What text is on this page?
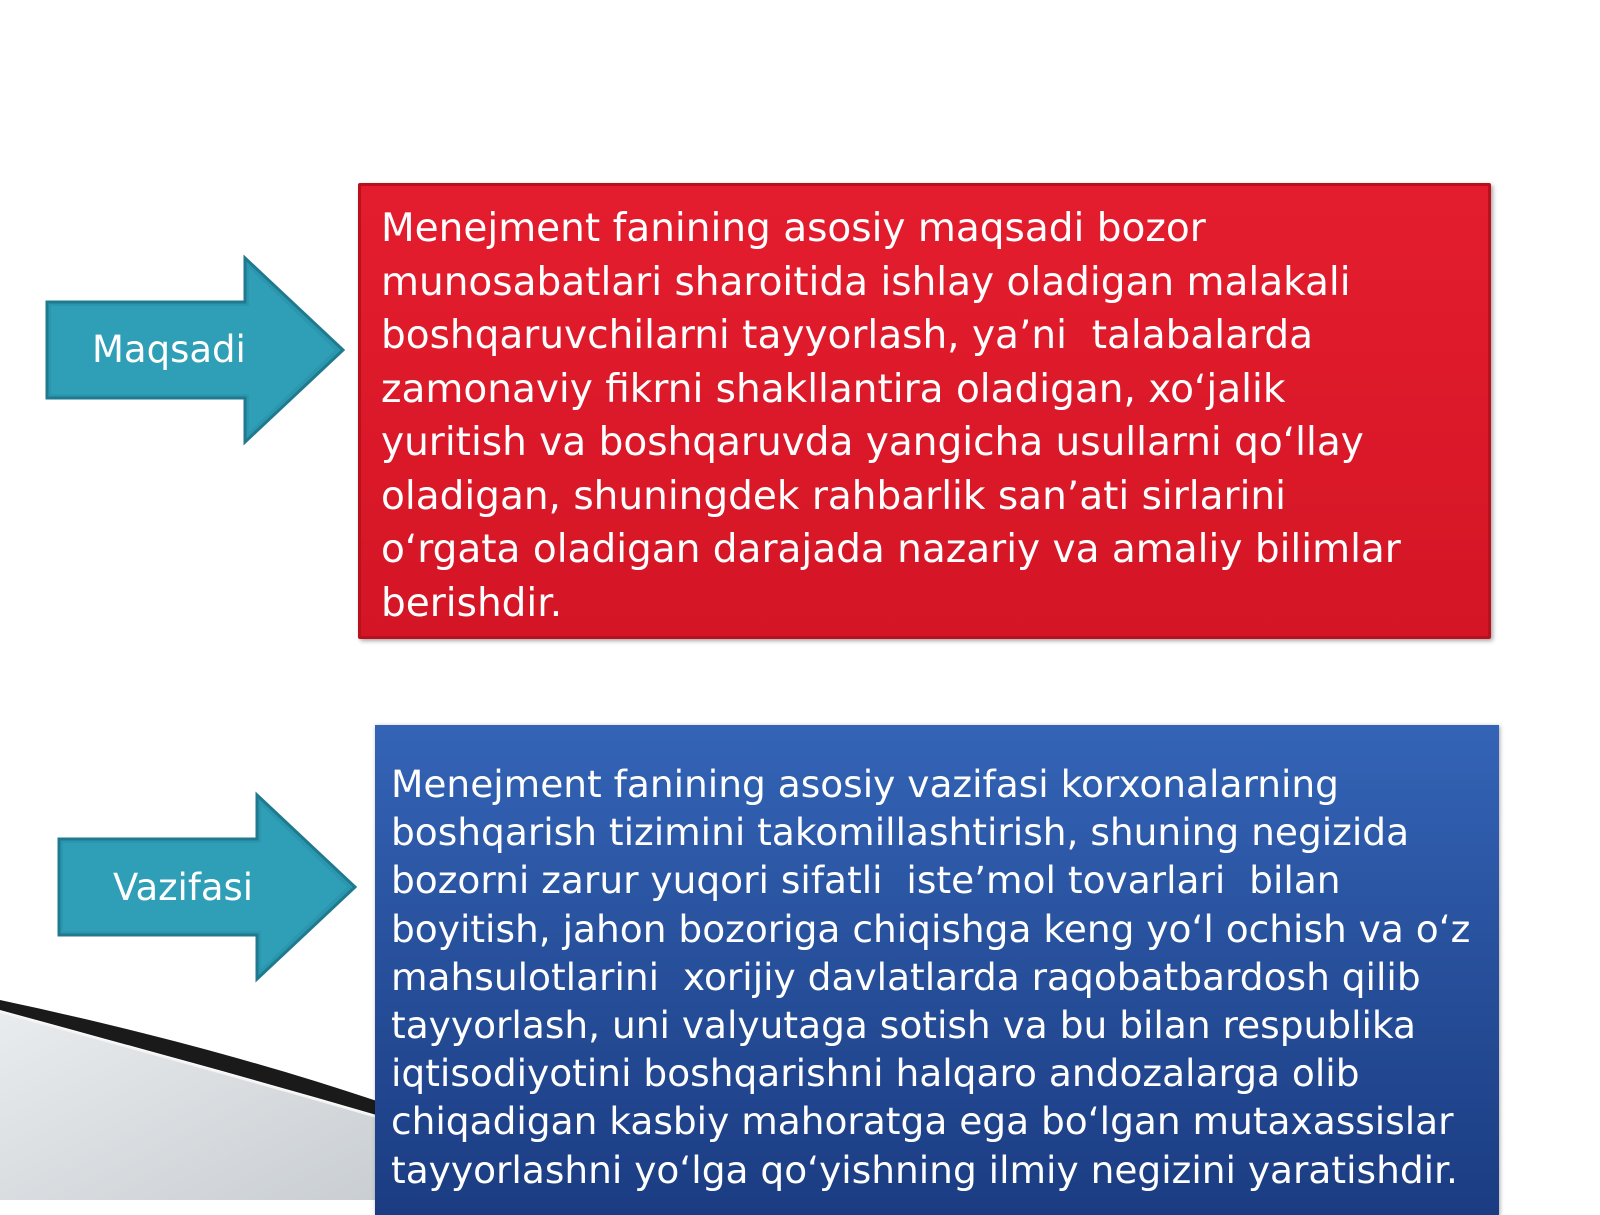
Maqsadi
Menejment fanining asosiy maqsadi bozor
munosabatlari sharoitida ishlay oladigan malakali
boshqaruvchilarni tayyorlash, ya’ni  talabalarda
zamonaviy fikrni shakllantira oladigan, xo‘jalik
yuritish va boshqaruvda yangicha usullarni qo‘llay
oladigan, shuningdek rahbarlik san’ati sirlarini
o‘rgata oladigan darajada nazariy va amaliy bilimlar
berishdir.
Vazifasi
Menejment fanining asosiy vazifasi korxonalarning
boshqarish tizimini takomillashtirish, shuning negizida
bozorni zarur yuqori sifatli  iste’mol tovarlari  bilan
boyitish, jahon bozoriga chiqishga keng yo‘l ochish va o‘z
mahsulotlarini  xorijiy davlatlarda raqobatbardosh qilib
tayyorlash, uni valyutaga sotish va bu bilan respublika
iqtisodiyotini boshqarishni halqaro andozalarga olib
chiqadigan kasbiy mahoratga ega bo‘lgan mutaxassislar
tayyorlashni yo‘lga qo‘yishning ilmiy negizini yaratishdir.
